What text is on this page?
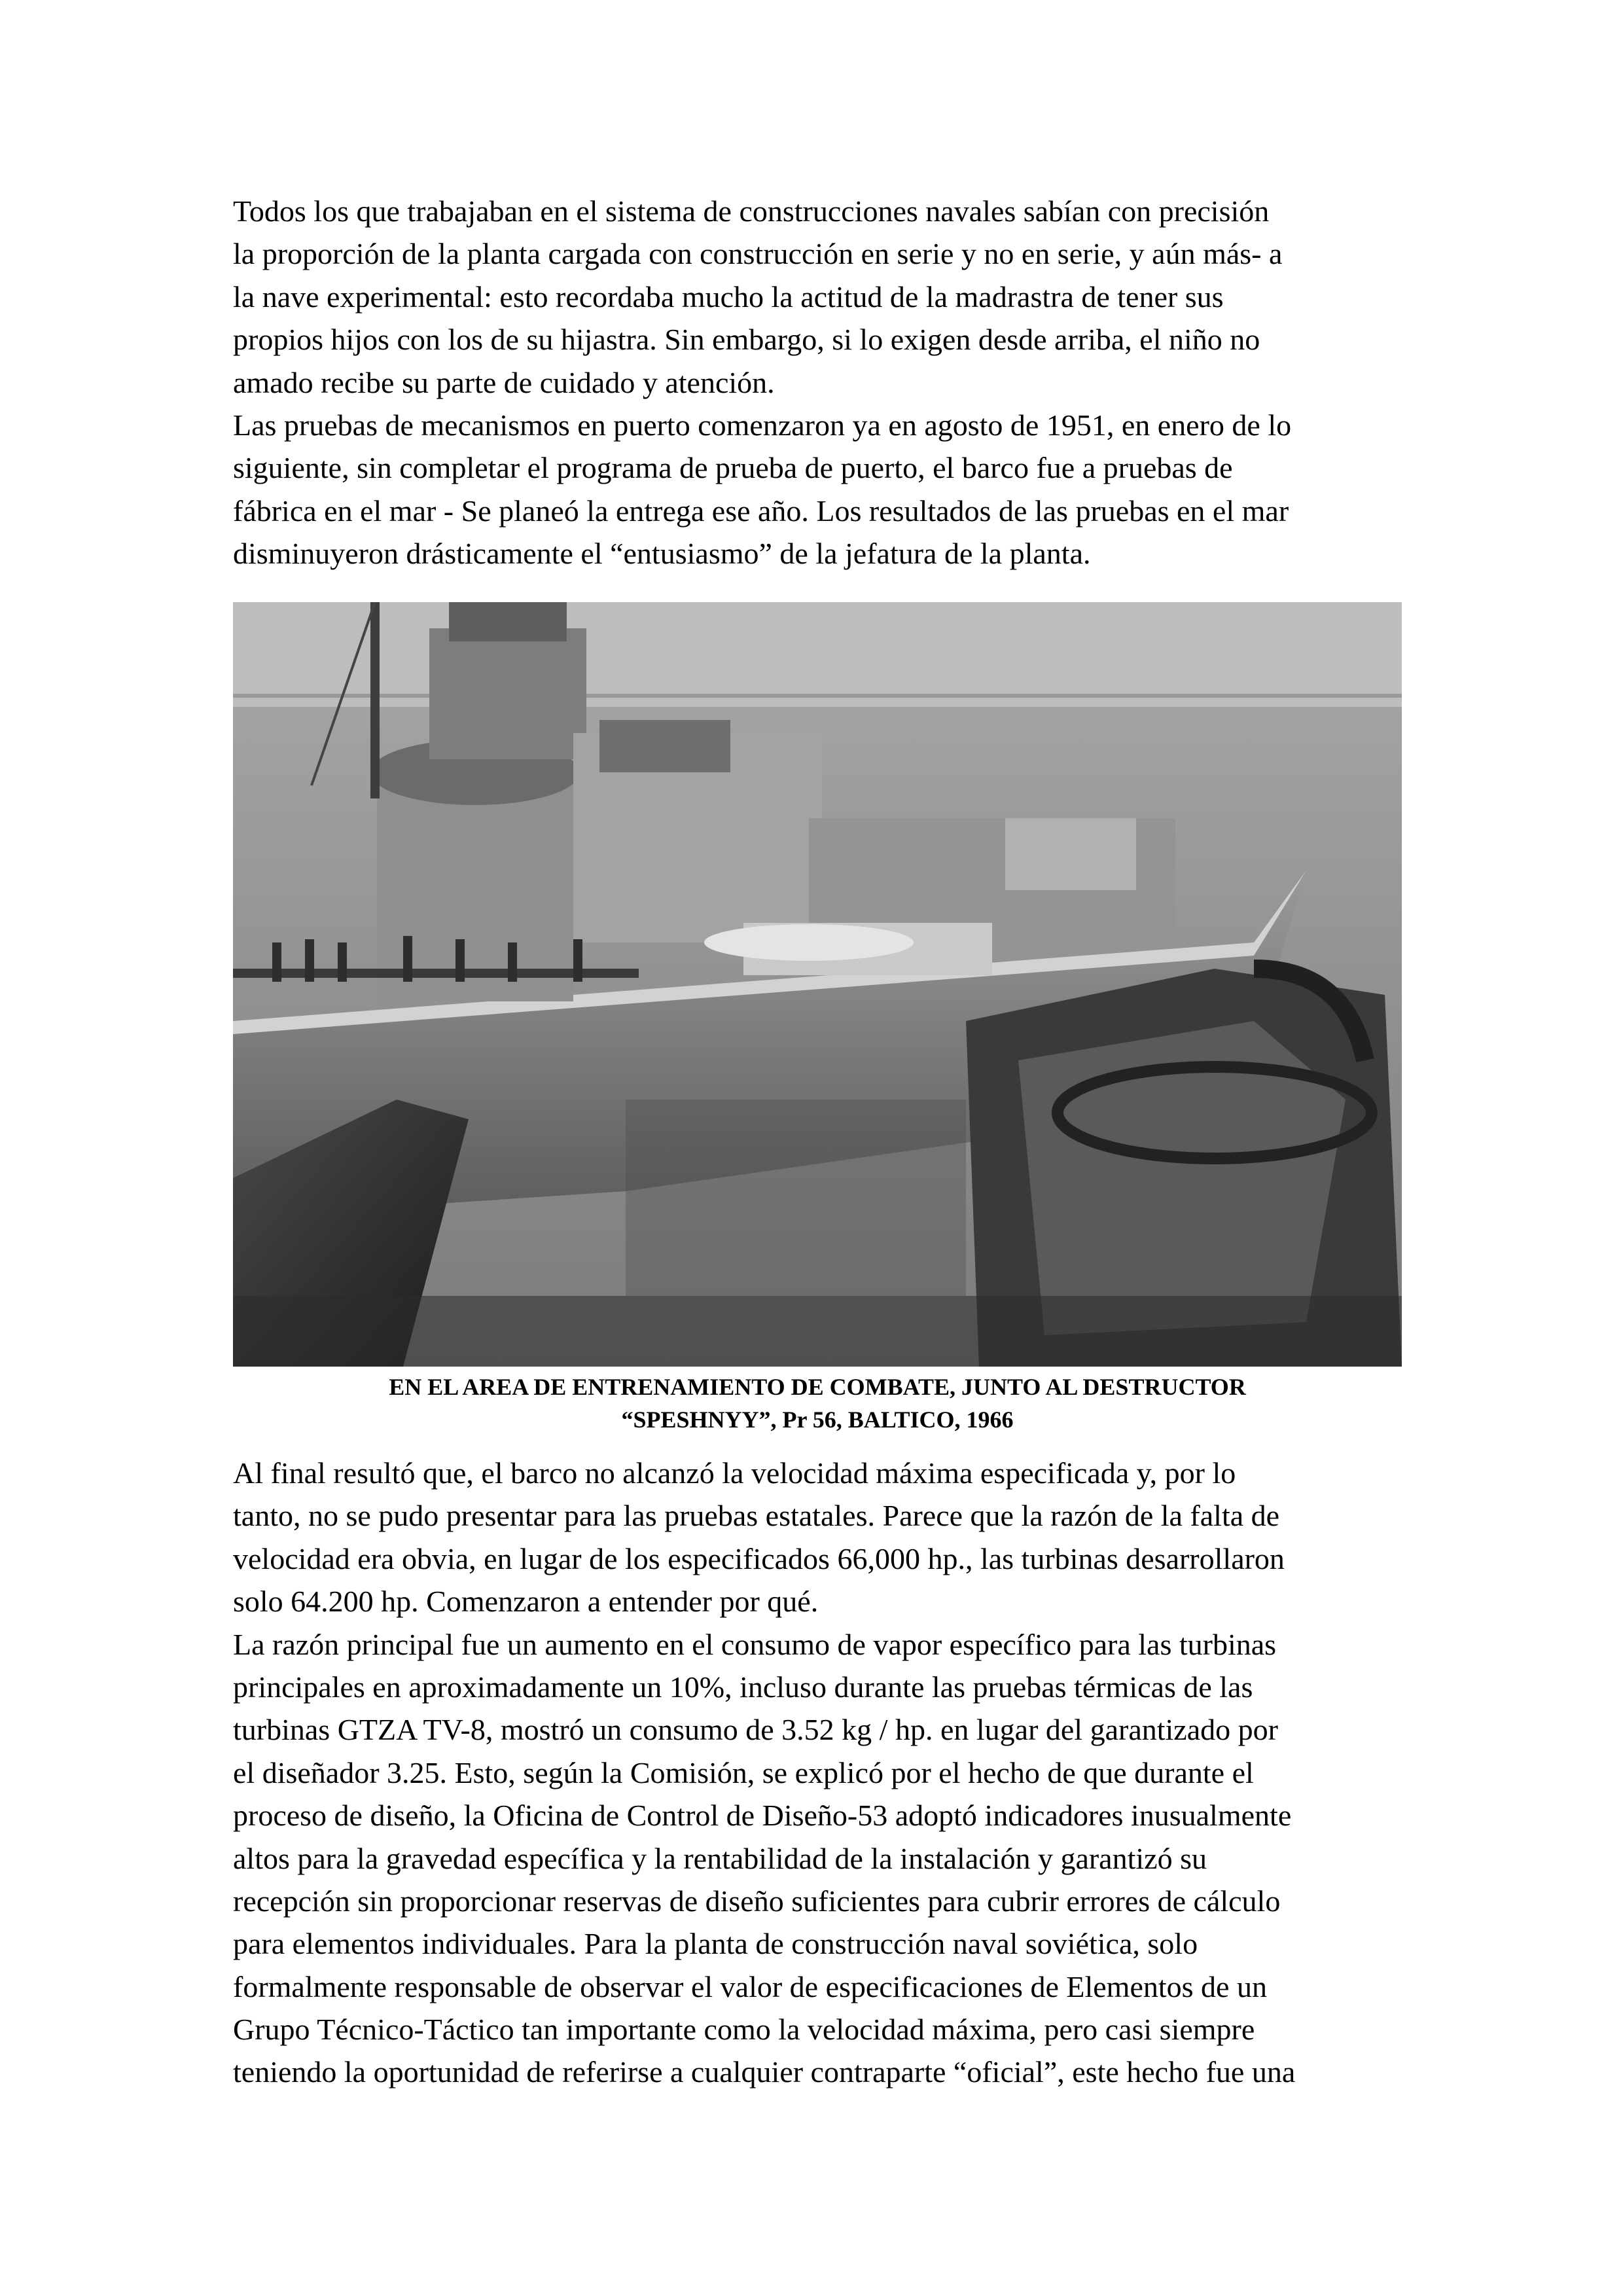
Todos los que trabajaban en el sistema de construcciones navales sabían con precisión
la proporción de la planta cargada con construcción en serie y no en serie, y aún más- a
la nave experimental: esto recordaba mucho la actitud de la madrastra de tener sus
propios hijos con los de su hijastra. Sin embargo, si lo exigen desde arriba, el niño no
amado recibe su parte de cuidado y atención.
Las pruebas de mecanismos en puerto comenzaron ya en agosto de 1951, en enero de lo
siguiente, sin completar el programa de prueba de puerto, el barco fue a pruebas de
fábrica en el mar - Se planeó la entrega ese año. Los resultados de las pruebas en el mar
disminuyeron drásticamente el “entusiasmo” de la jefatura de la planta.
EN EL AREA DE ENTRENAMIENTO DE COMBATE, JUNTO AL DESTRUCTOR
“SPESHNYY”, Pr 56, BALTICO, 1966
Al final resultó que, el barco no alcanzó la velocidad máxima especificada y, por lo
tanto, no se pudo presentar para las pruebas estatales. Parece que la razón de la falta de
velocidad era obvia, en lugar de los especificados 66,000 hp., las turbinas desarrollaron
solo 64.200 hp. Comenzaron a entender por qué.
La razón principal fue un aumento en el consumo de vapor específico para las turbinas
principales en aproximadamente un 10%, incluso durante las pruebas térmicas de las
turbinas GTZA TV-8, mostró un consumo de 3.52 kg / hp. en lugar del garantizado por
el diseñador 3.25. Esto, según la Comisión, se explicó por el hecho de que durante el
proceso de diseño, la Oficina de Control de Diseño-53 adoptó indicadores inusualmente
altos para la gravedad específica y la rentabilidad de la instalación y garantizó su
recepción sin proporcionar reservas de diseño suficientes para cubrir errores de cálculo
para elementos individuales. Para la planta de construcción naval soviética, solo
formalmente responsable de observar el valor de especificaciones de Elementos de un
Grupo Técnico-Táctico tan importante como la velocidad máxima, pero casi siempre
teniendo la oportunidad de referirse a cualquier contraparte “oficial”, este hecho fue una
